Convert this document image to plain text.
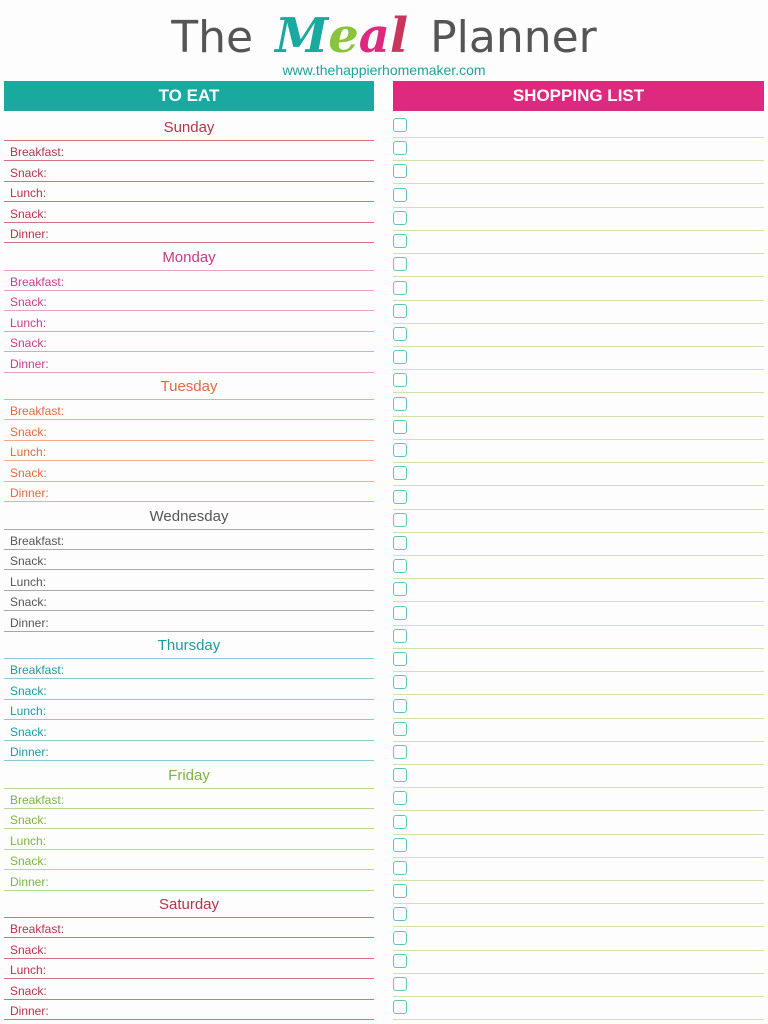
The Meal Planner
www.thehappierhomemaker.com
TO EAT	SHOPPING LIST
Sunday
Breakfast:
Snack:
Lunch:
Snack:
Dinner:
Monday
Breakfast:
Snack:
Lunch:
Snack:
Dinner:
Tuesday
Breakfast:
Snack:
Lunch:
Snack:
Dinner:
Wednesday
Breakfast:
Snack:
Lunch:
Snack:
Dinner:
Thursday
Breakfast:
Snack:
Lunch:
Snack:
Dinner:
Friday
Breakfast:
Snack:
Lunch:
Snack:
Dinner:
Saturday
Breakfast:
Snack:
Lunch:
Snack:
Dinner:
